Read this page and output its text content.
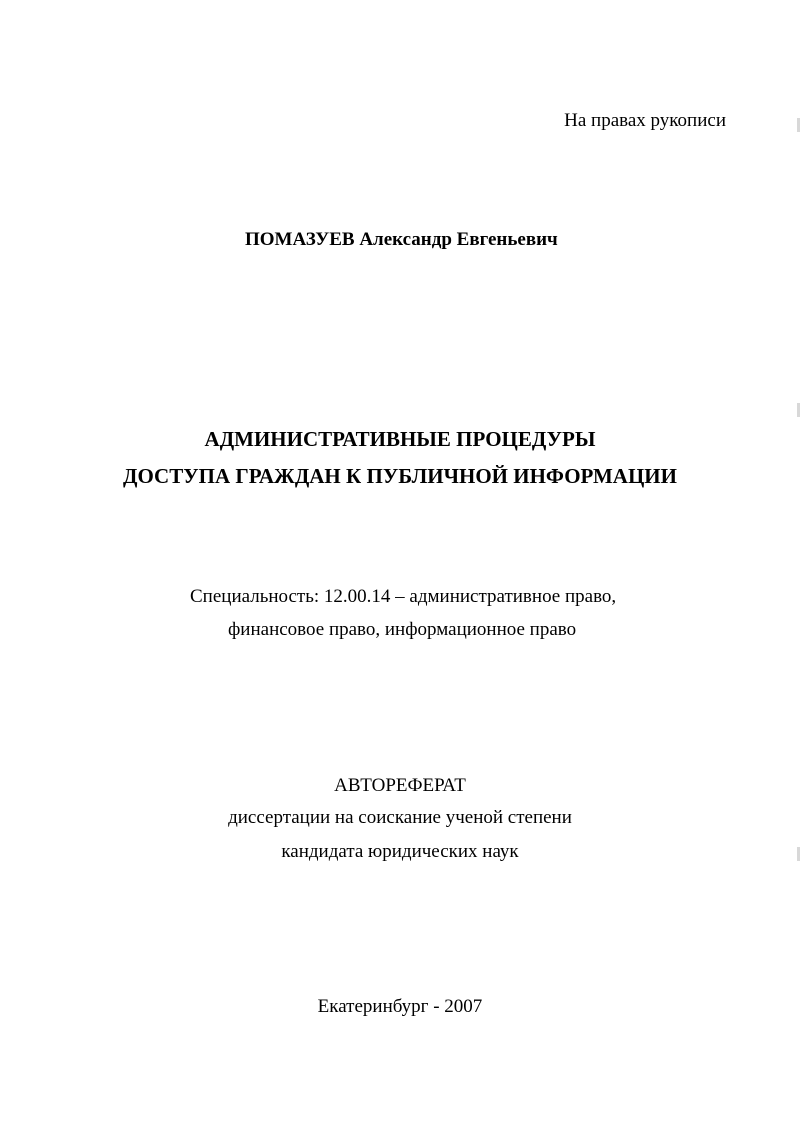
На правах рукописи

ПОМАЗУЕВ Александр Евгеньевич

АДМИНИСТРАТИВНЫЕ ПРОЦЕДУРЫ

ДОСТУПА ГРАЖДАН К ПУБЛИЧНОЙ ИНФОРМАЦИИ

Специальность: 12.00.14 – административное право,

финансовое право, информационное право

АВТОРЕФЕРАТ

диссертации на соискание ученой степени

кандидата юридических наук

Екатеринбург - 2007
